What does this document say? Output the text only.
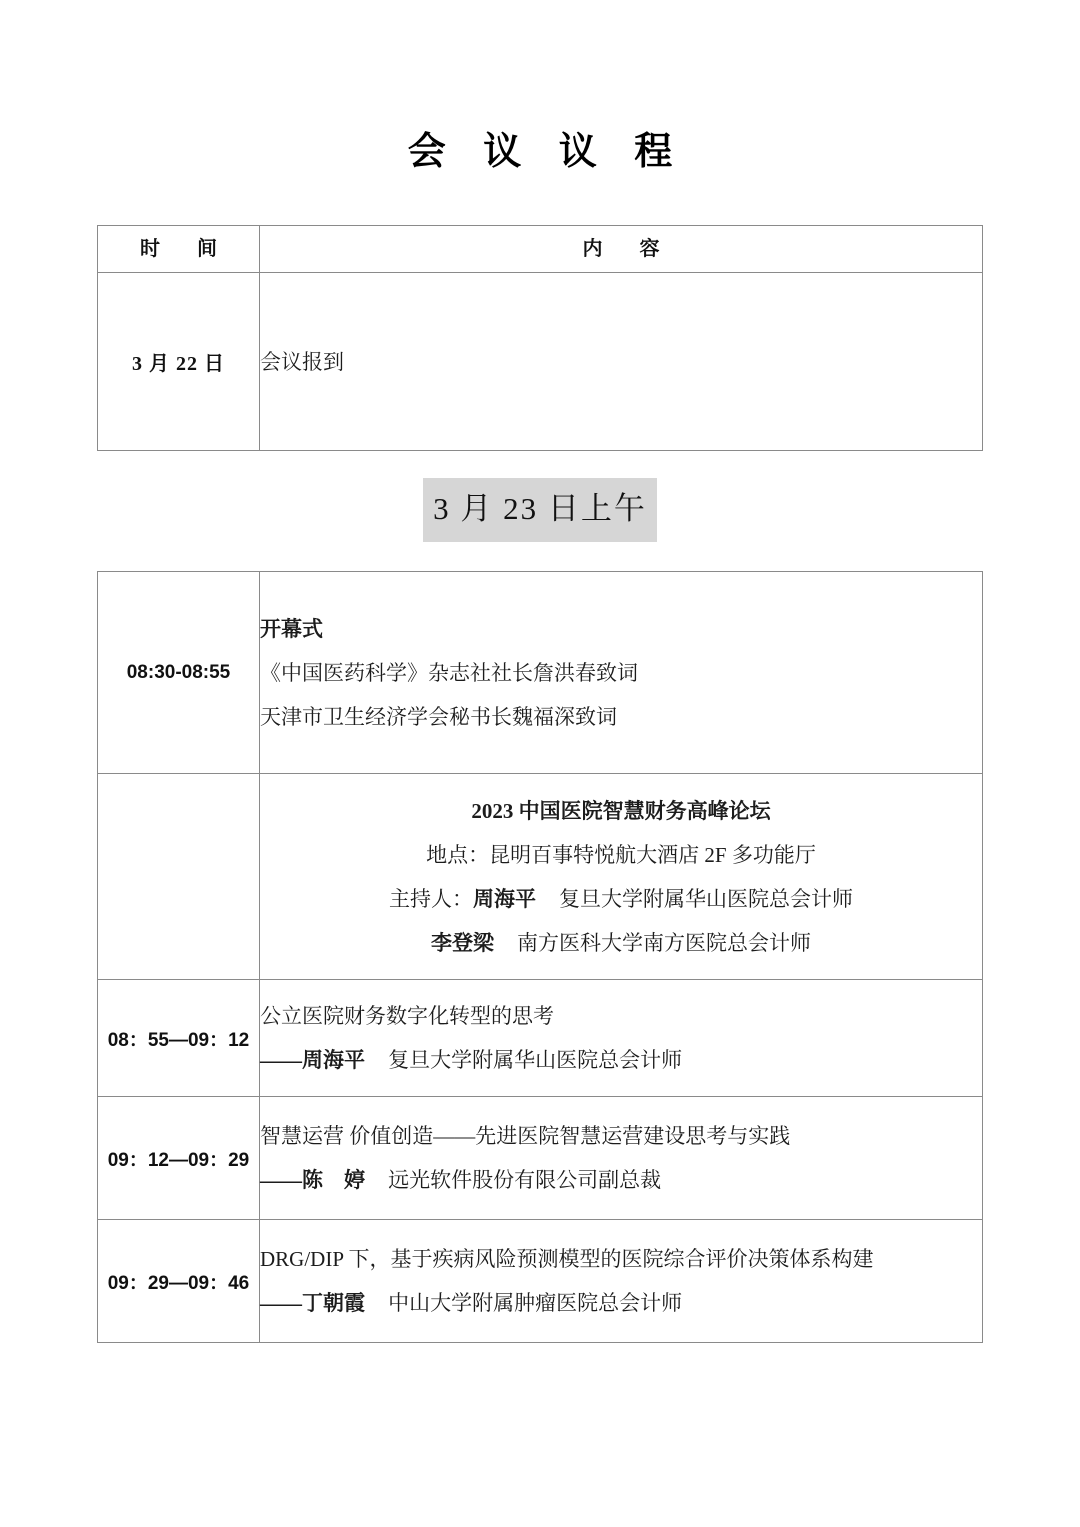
会 议 议 程
时 间	内 容
3 月 22 日	会议报到
3 月 23 日上午
08:30-08:55	开幕式
《中国医药科学》杂志社社长詹洪春致词
天津市卫生经济学会秘书长魏福深致词

	2023 中国医院智慧财务高峰论坛
地点：昆明百事特悦航大酒店 2F 多功能厅
主持人：周海平 复旦大学附属华山医院总会计师
李登梁 南方医科大学南方医院总会计师

08：55—09：12	公立医院财务数字化转型的思考
——周海平 复旦大学附属华山医院总会计师

09：12—09：29	智慧运营 价值创造——先进医院智慧运营建设思考与实践
——陈　婷 远光软件股份有限公司副总裁

09：29—09：46	DRG/DIP 下，基于疾病风险预测模型的医院综合评价决策体系构建
——丁朝霞 中山大学附属肿瘤医院总会计师
